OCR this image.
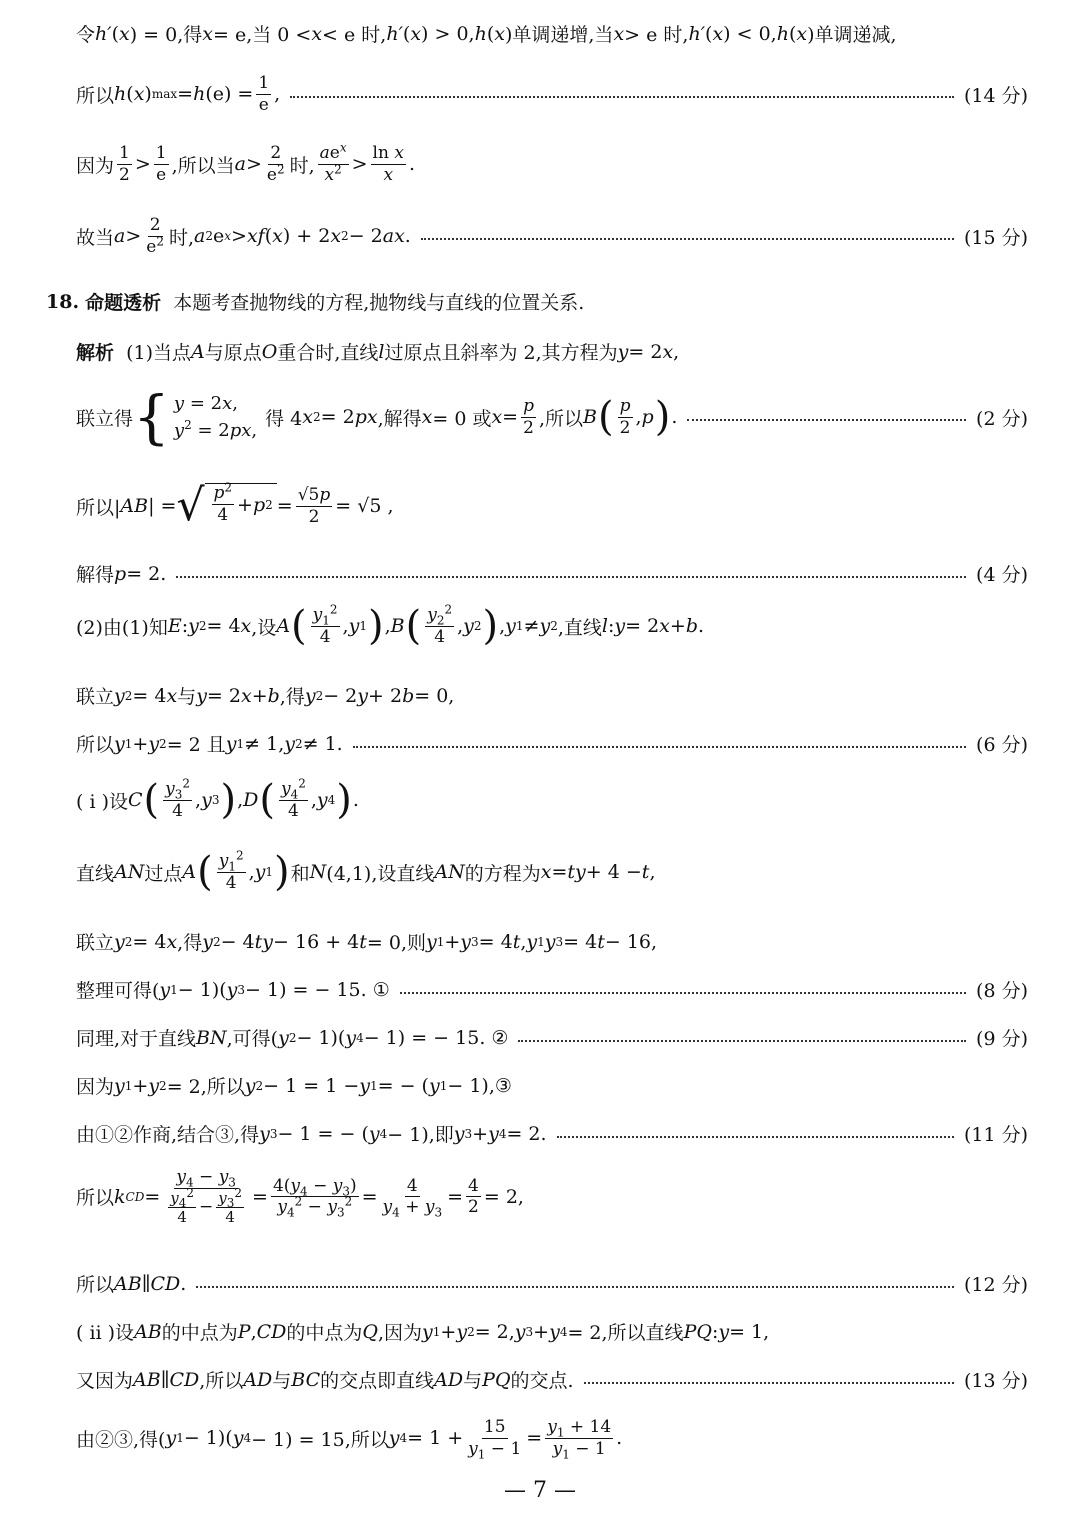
令 h′ ( x ) = 0,得 x = e,当 0 < x < e 时, h′ ( x ) > 0, h ( x )单调递增,当 x > e 时, h′ ( x ) < 0, h ( x )单调递减,
所以 h ( x ) max = h $(e) = \frac{1}{e}$ ,	(14 分)
因为 $\frac{1}{2} > \frac{1}{e}$ ,所以当 $a > \frac{2}{e^2}$ 时, $\frac{ae^x}{x^2} > \frac{\text{ln x}}{x}$ .
故当 $a > \frac{2}{e^2}$ 时, a 2 e x > xf ( x ) + 2 x 2 − 2 ax .	(15 分)
18.
命题透析
本题考查抛物线的方程,抛物线与直线的位置关系.
解析 (1)当点 A 与原点 O 重合时,直线 l 过原点且斜率为 2,其方程为 y = 2 x ,
联立得 { y = 2x,
$y^2 = 2px$,
得 4 x 2 = 2 px ,解得 x = 0 或 $x = \frac{p}{2}$ ,所以 B ( $\frac{p}{2}$ , p ) .	(2 分)
所以| AB | = √ $\frac{p^2}{4} + p$ $2 = \frac{√5p}{2} = √5$ ,
解得 p = 2.	(4 分)
(2)由(1)知 E : y 2 = 4 x ,设 A ( $\frac{y_1^2}{4}$ , y 1 ) , B ( $\frac{y_2^2}{4}$ , y 2 ) , y 1 ≠ y 2 ,直线 l : y = 2 x + b .
联立 y 2 = 4 x 与 y = 2 x + b ,得 y 2 − 2 y + 2 b = 0,
所以 y 1 + y 2 = 2 且 y 1 ≠ 1, y 2 ≠ 1.	(6 分)
( ⅰ )设 C ( $\frac{y_3^2}{4}$ , y 3 ) , D ( $\frac{y_4^2}{4}$ , y 4 ) .
直线 AN 过点 A ( $\frac{y_1^2}{4}$ , y 1 ) 和 N (4,1),设直线 AN 的方程为 x = ty + 4 − t ,
联立 y 2 = 4 x ,得 y 2 − 4 ty − 16 + 4 t = 0,则 y 1 + y 3 = 4 t , y 1 y 3 = 4 t − 16,
整理可得( y 1 − 1)( y 3 − 1) = − 15. ①	(8 分)
同理,对于直线 BN ,可得( y 2 − 1)( y 4 − 1) = − 15. ②	(9 分)
因为 y 1 + y 2 = 2,所以 y 2 − 1 = 1 − y 1 = − ( y 1 − 1),③
由①②作商,结合③,得 y 3 − 1 = − ( y 4 − 1),即 y 3 + y 4 = 2.	(11 分)
所以 k CD = $\frac{y_4 - y_3}{\frac{y_4^2}{4} - \frac{y_3^2}{4}} = \frac{4(y_4 - y_3)}{y_4^2 - y_3^2} = \frac{4}{y_4 + y_3} = \frac{4}{2} = 2$,
所以 AB ∥ CD .	(12 分)
( ⅱ )设 AB 的中点为 P , CD 的中点为 Q ,因为 y 1 + y 2 = 2, y 3 + y 4 = 2,所以直线 PQ : y = 1,
又因为 AB ∥ CD ,所以 AD 与 BC 的交点即直线 AD 与 PQ 的交点.	(13 分)
由②③,得( y 1 − 1)( y 4 − 1) = 15,所以 y $4 = 1 + \frac{15}{y_1 - 1} = \frac{y_1 + 14}{y_1 - 1}$ .
— 7 —
